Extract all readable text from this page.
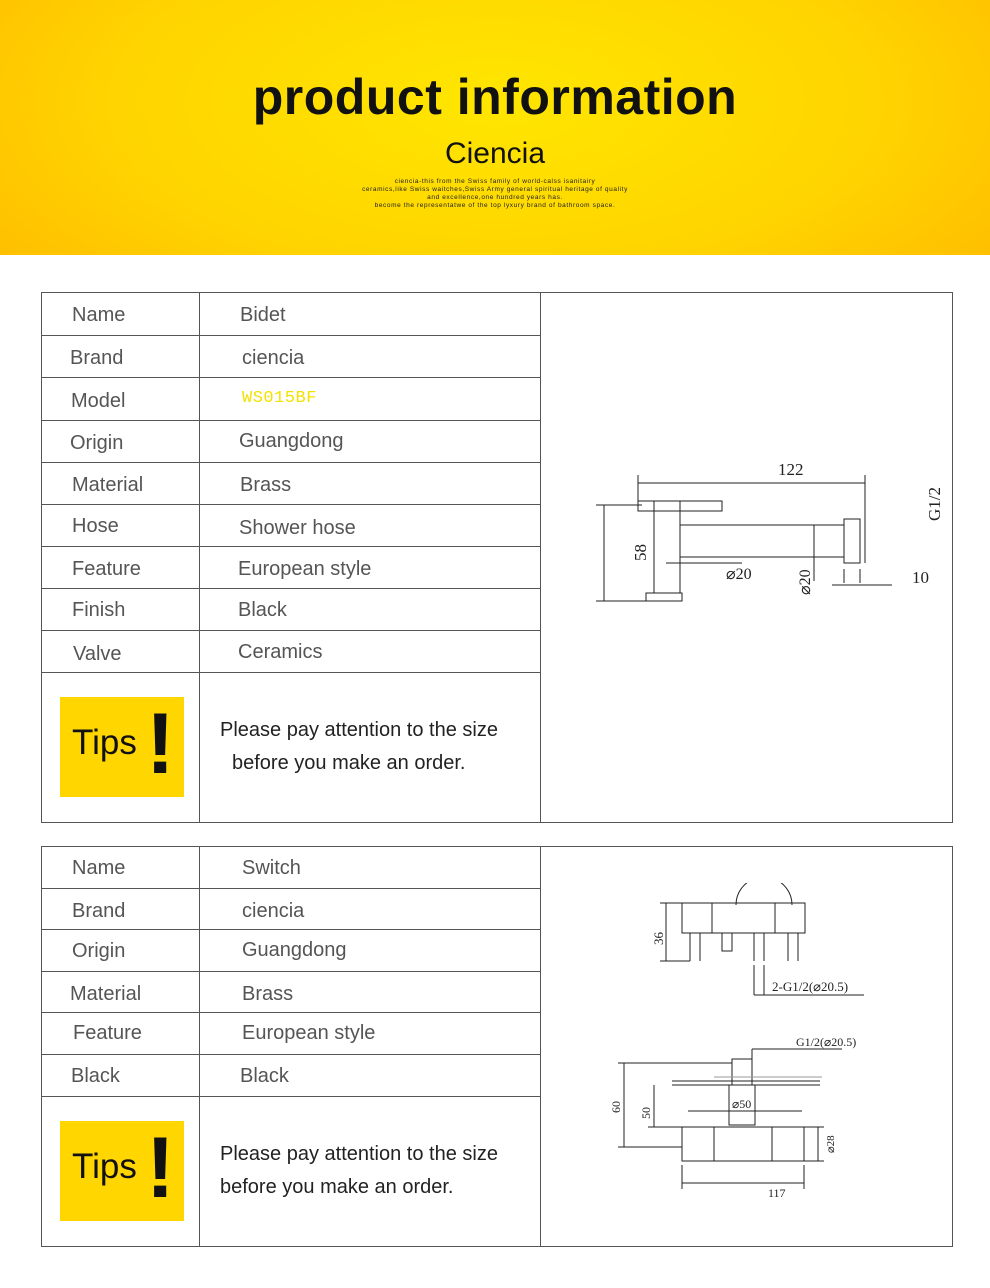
product information
Ciencia
ciencia-this from the Swiss family of world-calss isanitairy
ceramics,like Swiss waitches,Swiss Army general spiritual heritage of quality
and excellence,one hundred years has.
become the representatwe of the top lyxury brand of bathroom space.
Name	Bidet
Brand	ciencia
Model	WS015BF
Origin	Guangdong
Material	Brass
Hose	Shower hose
Feature	European style
Finish	Black
Valve	Ceramics
Tips ! Please pay attention to the size
before you make an order.
122
58
G1/2
⌀20	⌀20	10
Name	Switch
Brand	ciencia
Origin	Guangdong
Material	Brass
Feature	European style
Black	Black
Tips ! Please pay attention to the size
before you make an order.
36
2-G1/2(⌀20.5)
G1/2(⌀20.5)
60 50
⌀50
⌀28
117
